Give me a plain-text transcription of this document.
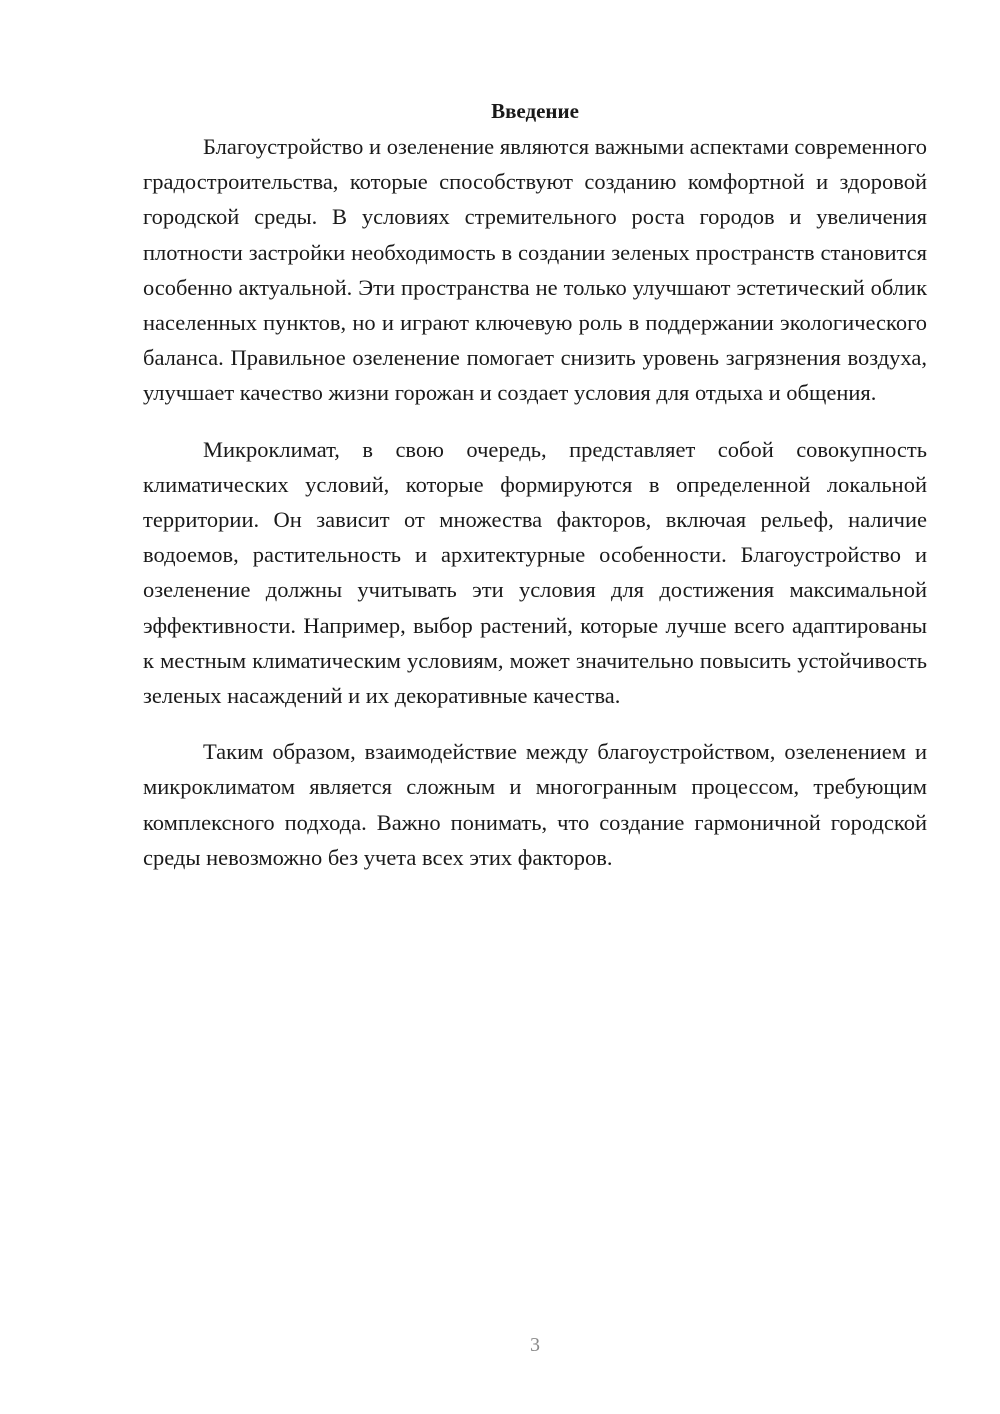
Введение

Благоустройство и озеленение являются важными аспектами современного градостроительства, которые способствуют созданию комфортной и здоровой городской среды. В условиях стремительного роста городов и увеличения плотности застройки необходимость в создании зеленых пространств становится особенно актуальной. Эти пространства не только улучшают эстетический облик населенных пунктов, но и играют ключевую роль в поддержании экологического баланса. Правильное озеленение помогает снизить уровень загрязнения воздуха, улучшает качество жизни горожан и создает условия для отдыха и общения.

Микроклимат, в свою очередь, представляет собой совокупность климатических условий, которые формируются в определенной локальной территории. Он зависит от множества факторов, включая рельеф, наличие водоемов, растительность и архитектурные особенности. Благоустройство и озеленение должны учитывать эти условия для достижения максимальной эффективности. Например, выбор растений, которые лучше всего адаптированы к местным климатическим условиям, может значительно повысить устойчивость зеленых насаждений и их декоративные качества.

Таким образом, взаимодействие между благоустройством, озеленением и микроклиматом является сложным и многогранным процессом, требующим комплексного подхода. Важно понимать, что создание гармоничной городской среды невозможно без учета всех этих факторов.

3
